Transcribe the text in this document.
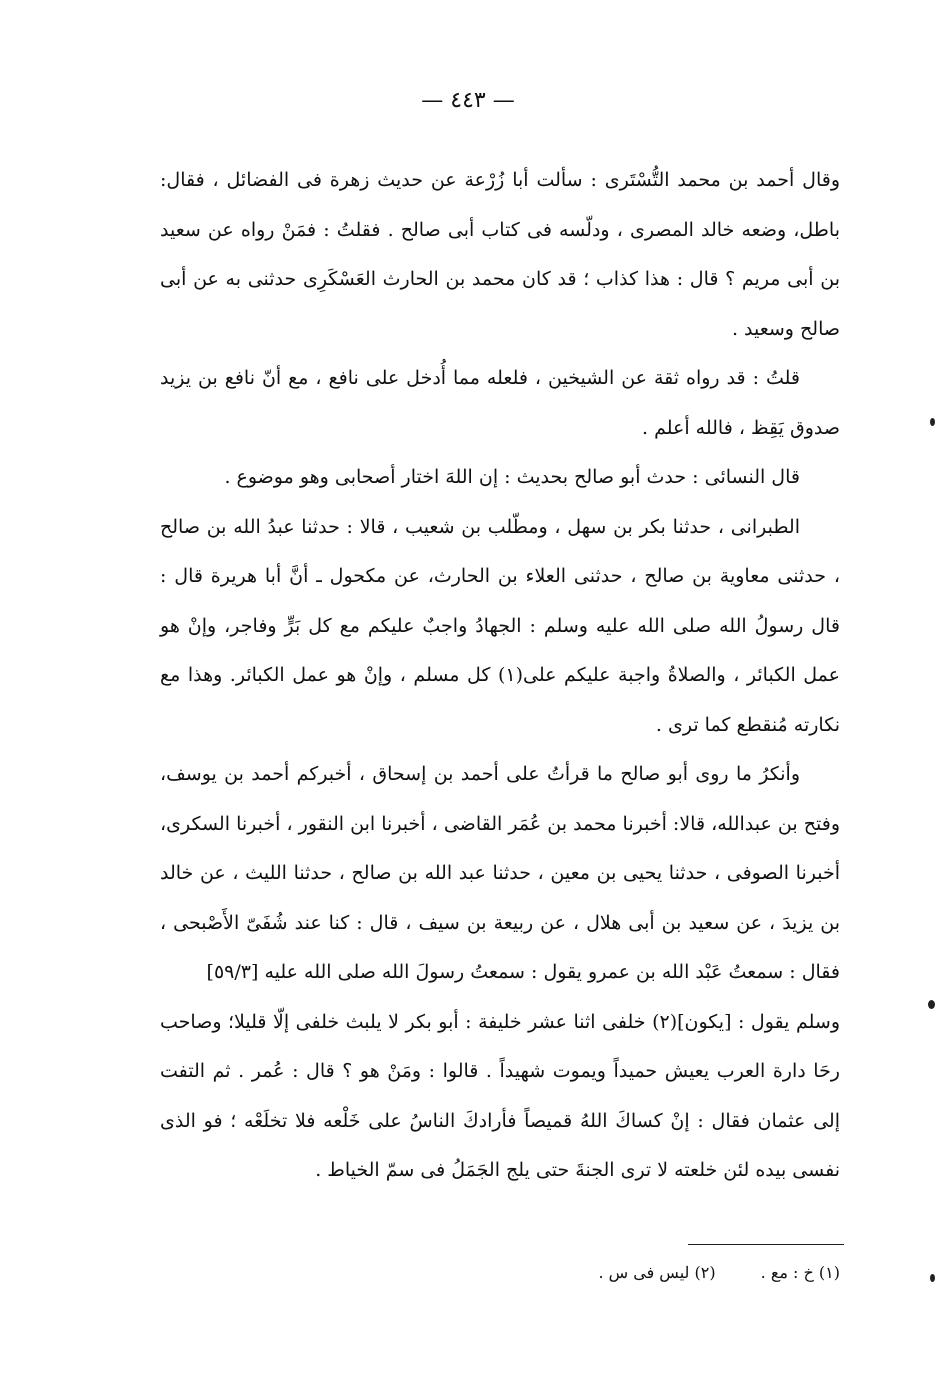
— ٤٤٣ —

وقال أحمد بن محمد التُّسْتَرى : سألت أبا زُرْعة عن حديث زهرة فى الفضائل ، فقال: باطل، وضعه خالد المصرى ، ودلّسه فى كتاب أبى صالح . فقلتُ : فمَنْ رواه عن سعيد بن أبى مريم ؟ قال : هذا كذاب ؛ قد كان محمد بن الحارث العَسْكَرِى حدثنى به عن أبى صالح وسعيد .

قلتُ : قد رواه ثقة عن الشيخين ، فلعله مما أُدخل على نافع ، مع أنّ نافع بن يزيد صدوق يَقِظ ، فالله أعلم .

قال النسائى : حدث أبو صالح بحديث : إن اللهَ اختار أصحابى وهو موضوع .

الطبرانى ، حدثنا بكر بن سهل ، ومطّلب بن شعيب ، قالا : حدثنا عبدُ الله بن صالح ، حدثنى معاوية بن صالح ، حدثنى العلاء بن الحارث، عن مكحول ـ أنَّ أبا هريرة قال : قال رسولُ الله صلى الله عليه وسلم : الجهادُ واجبٌ عليكم مع كل بَرٍّ وفاجر، وإنْ هو عمل الكبائر ، والصلاةُ واجبة عليكم على(١) كل مسلم ، وإنْ هو عمل الكبائر. وهذا مع نكارته مُنقطع كما ترى .

وأنكرُ ما روى أبو صالح ما قرأتُ على أحمد بن إسحاق ، أخبركم أحمد بن يوسف، وفتح بن عبدالله، قالا: أخبرنا محمد بن عُمَر القاضى ، أخبرنا ابن النقور ، أخبرنا السكرى، أخبرنا الصوفى ، حدثنا يحيى بن معين ، حدثنا عبد الله بن صالح ، حدثنا الليث ، عن خالد بن يزيدَ ، عن سعيد بن أبى هلال ، عن ربيعة بن سيف ، قال : كنا عند شُفَىّ الأَصْبحى ، فقال : سمعتُ عَبْد الله بن عمرو يقول : سمعتُ رسولَ الله صلى الله عليه [٥٩/٣]

وسلم يقول : [يكون](٢) خلفى اثنا عشر خليفة : أبو بكر لا يلبث خلفى إلّا قليلا؛ وصاحب رحَا دارة العرب يعيش حميداً ويموت شهيداً . قالوا : ومَنْ هو ؟ قال : عُمر . ثم التفت إلى عثمان فقال : إنْ كساكَ اللهُ قميصاً فأرادكَ الناسُ على خَلْعه فلا تخلَعْه ؛ فو الذى نفسى بيده لئن خلعته لا ترى الجنةَ حتى يلج الجَمَلُ فى سمّ الخياط .

(١) خ : مع . (٢) ليس فى س .
